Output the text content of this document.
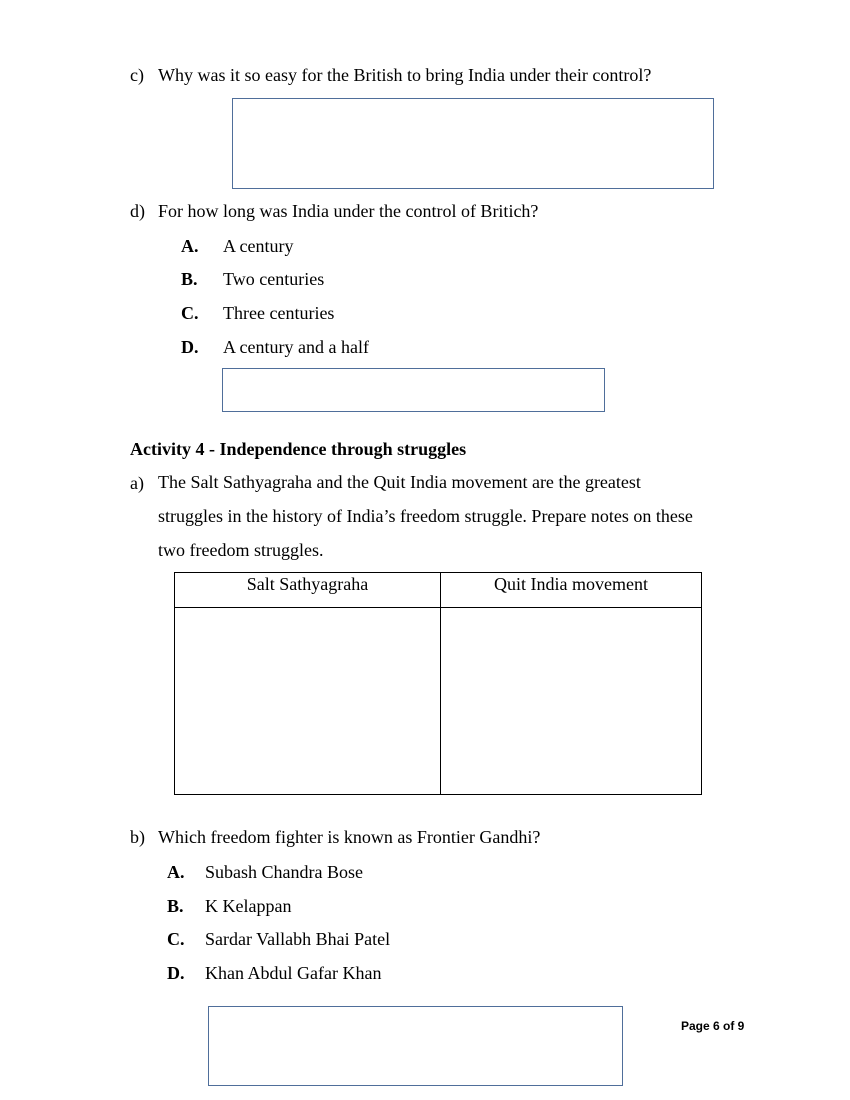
c) Why was it so easy for the British to bring India under their control?
d) For how long was India under the control of Britich?
A. A century
B. Two centuries
C. Three centuries
D. A century and a half
Activity 4 - Independence through struggles
a) The Salt Sathyagraha and the Quit India movement are the greatest
struggles in the history of India’s freedom struggle. Prepare notes on these
two freedom struggles.
Salt Sathyagraha	Quit India movement

b) Which freedom fighter is known as Frontier Gandhi?
A. Subash Chandra Bose
B. K Kelappan
C. Sardar Vallabh Bhai Patel
D. Khan Abdul Gafar Khan
Page 6 of 9
